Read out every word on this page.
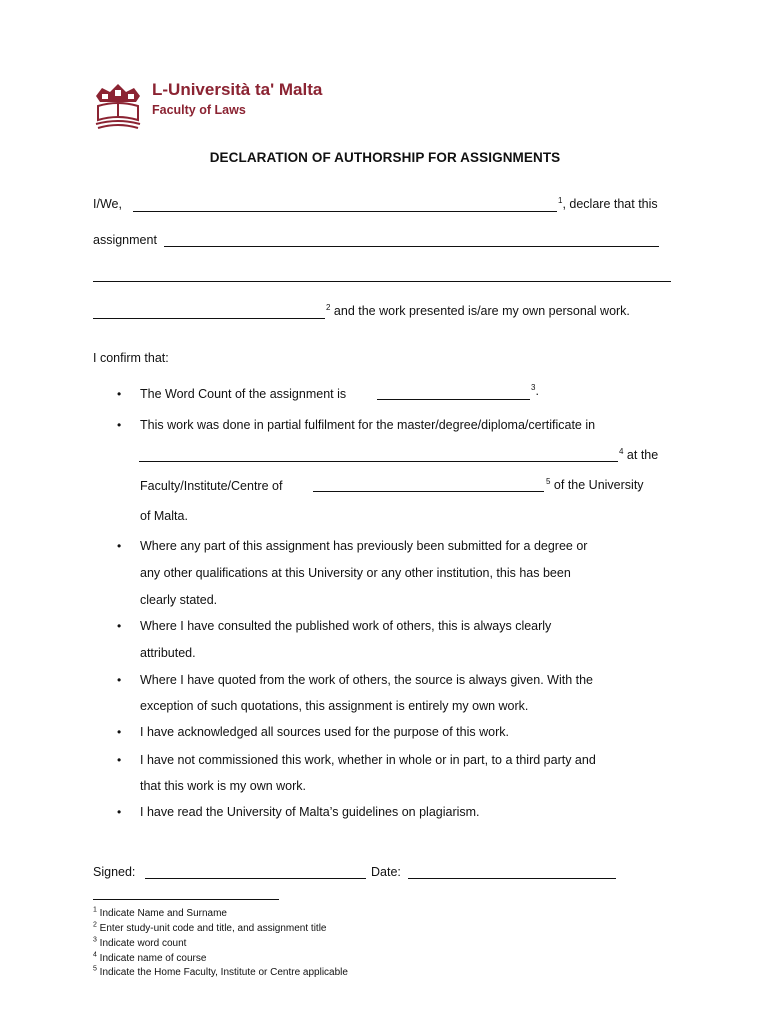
L-Università ta' Malta
Faculty of Laws
DECLARATION OF AUTHORSHIP FOR ASSIGNMENTS
I/We,	$^1$, declare that this
assignment
$^2$ and the work presented is/are my own personal work.
I confirm that:
• The Word Count of the assignment is	$^3$.
• This work was done in partial fulfilment for the master/degree/diploma/certificate in
$^4$ at the
Faculty/Institute/Centre of	$^5$ of the University
of Malta.
• Where any part of this assignment has previously been submitted for a degree or
any other qualifications at this University or any other institution, this has been
clearly stated.
• Where I have consulted the published work of others, this is always clearly
attributed.
• Where I have quoted from the work of others, the source is always given. With the
exception of such quotations, this assignment is entirely my own work.
• I have acknowledged all sources used for the purpose of this work.
• I have not commissioned this work, whether in whole or in part, to a third party and
that this work is my own work.
• I have read the University of Malta’s guidelines on plagiarism.
Signed:	Date:
$^1$ Indicate Name and Surname
$^2$ Enter study-unit code and title, and assignment title
$^3$ Indicate word count
$^4$ Indicate name of course
$^5$ Indicate the Home Faculty, Institute or Centre applicable
